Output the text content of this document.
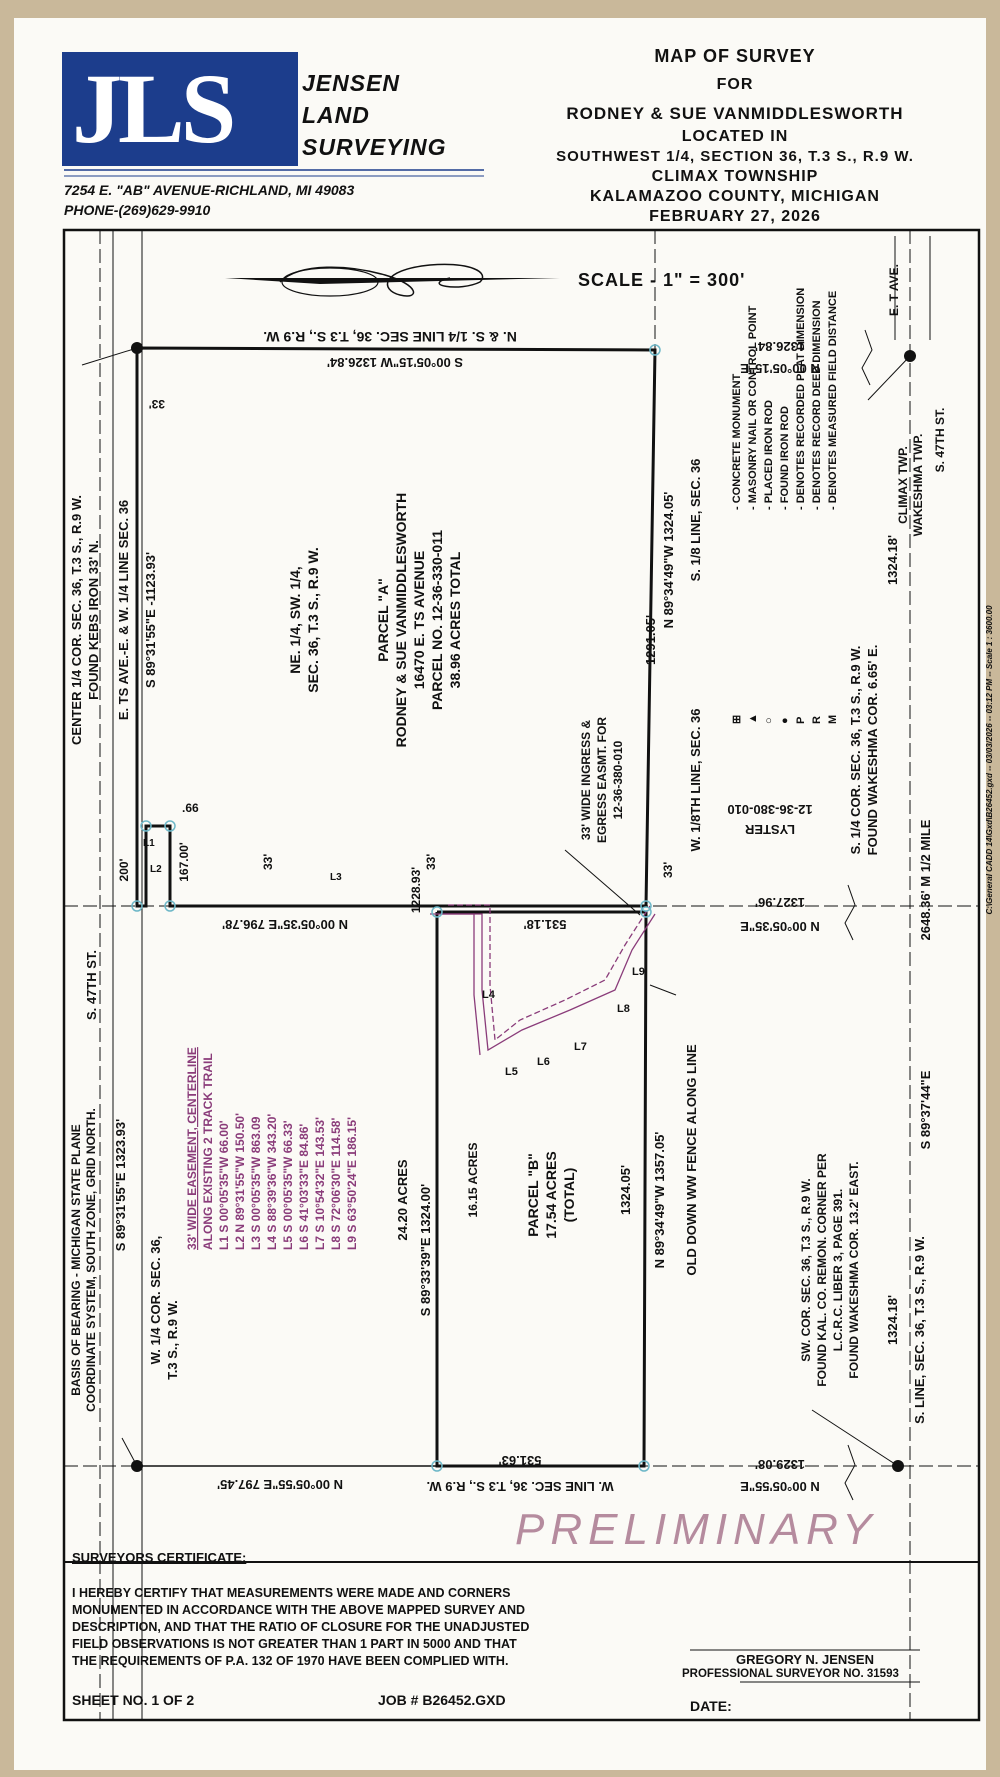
JLS	JENSEN
LAND
SURVEYING
7254 E. "AB" AVENUE-RICHLAND, MI 49083
PHONE-(269)629-9910
MAP OF SURVEY
FOR
RODNEY & SUE VANMIDDLESWORTH
LOCATED IN
SOUTHWEST 1/4, SECTION 36, T.3 S., R.9 W.
CLIMAX TOWNSHIP
KALAMAZOO COUNTY, MICHIGAN
FEBRUARY 27, 2026
N. & S. 1/4 LINE SEC. 36, T.3 S., R.9 W.
S 00°05'15"W 1326.84'	N 00°05'15"E
1326.84'
N 00°05'35"E 796.78'	531.18'	N 00°05'35"E
1327.96'
N 00°05'55"E 797.45'
531.63'
W. LINE SEC. 36, T.3 S., R.9 W.	N 00°05'55"E
1329.08'
S 89°31'55"E -1123.93'
S 89°31'55"E 1323.93'
E. TS AVE.-E. & W. 1/4 LINE SEC. 36
CENTER 1/4 COR. SEC. 36, T.3 S., R.9 W. FOUND KEBS IRON 33' N.	NE. 1/4, SW. 1/4, SEC. 36, T.3 S., R.9 W.	PARCEL "A" RODNEY & SUE VANMIDDLESWORTH 16470 E. TS AVENUE PARCEL NO. 12-36-330-011 38.96 ACRES TOTAL	N 89°34'49"W 1324.05'
1291.05'
S. 1/8 LINE, SEC. 36
W. 1/8TH LINE, SEC. 36
33'	33'	33'
33'
.66
167.00'
200'	1228.93'
33' WIDE INGRESS & EGRESS EASMT. FOR 12-36-380-010
LYSTER
12-36-380-010
24.20 ACRES S 89°33'39"E 1324.00'
16.15 ACRES	PARCEL "B" 17.54 ACRES (TOTAL)	N 89°34'49"W 1357.05'
1324.05'	OLD DOWN WW FENCE ALONG LINE
BASIS OF BEARING - MICHIGAN STATE PLANE COORDINATE SYSTEM, SOUTH ZONE, GRID NORTH.	W. 1/4 COR. SEC. 36, T.3 S., R.9 W.
S. 47TH ST.
S. 1/4 COR. SEC. 36, T.3 S., R.9 W. FOUND WAKESHMA COR. 6.65' E.
2648.36' M 1/2 MILE
1324.18'
S 89°37'44"E
1324.18' S. LINE, SEC. 36, T.3 S., R.9 W.
SW. COR. SEC. 36, T.3 S., R.9 W. FOUND KAL. CO. REMON. CORNER PER L.C.R.C. LIBER 3, PAGE 391. FOUND WAKESHMA COR. 13.2' EAST.
CLIMAX TWP. WAKESHMA TWP.
E. T AVE.
S. 47TH ST.
C:\General CADD 14\Gxd\B26452.gxd -- 03/03/2026 -- 03:12 PM -- Scale 1 : 3600.00
L1
L2
L3
L4
L5
L6
L7
L8
L9
- CONCRETE MONUMENT - MASONRY NAIL OR CONTROL POINT - PLACED IRON ROD - FOUND IRON ROD - DENOTES RECORDED PLAT DIMENSION - DENOTES RECORD DEED DIMENSION - DENOTES MEASURED FIELD DISTANCE
⊞ ▲ ○ ● P R M
33' WIDE EASEMENT, CENTERLINE ALONG EXISTING 2 TRACK TRAIL L1 S 00°05'35"W 66.00' L2 N 89°31'55"W 150.50' L3 S 00°05'35"W 863.09 L4 S 88°39'36"W 343.20' L5 S 00°05'35"W 66.33' L6 S 41°03'33"E 84.86' L7 S 10°54'32"E 143.53' L8 S 72°06'30"E 114.58' L9 S 63°50'24"E 186.15'
SCALE - 1" = 300'
PRELIMINARY
SURVEYORS CERTIFICATE:
I HEREBY CERTIFY THAT MEASUREMENTS WERE MADE AND CORNERS
MONUMENTED IN ACCORDANCE WITH THE ABOVE MAPPED SURVEY AND
DESCRIPTION, AND THAT THE RATIO OF CLOSURE FOR THE UNADJUSTED
FIELD OBSERVATIONS IS NOT GREATER THAN 1 PART IN 5000 AND THAT
THE REQUIREMENTS OF P.A. 132 OF 1970 HAVE BEEN COMPLIED WITH.
SHEET NO. 1 OF 2	JOB # B26452.GXD
GREGORY N. JENSEN
PROFESSIONAL SURVEYOR NO. 31593
DATE:
